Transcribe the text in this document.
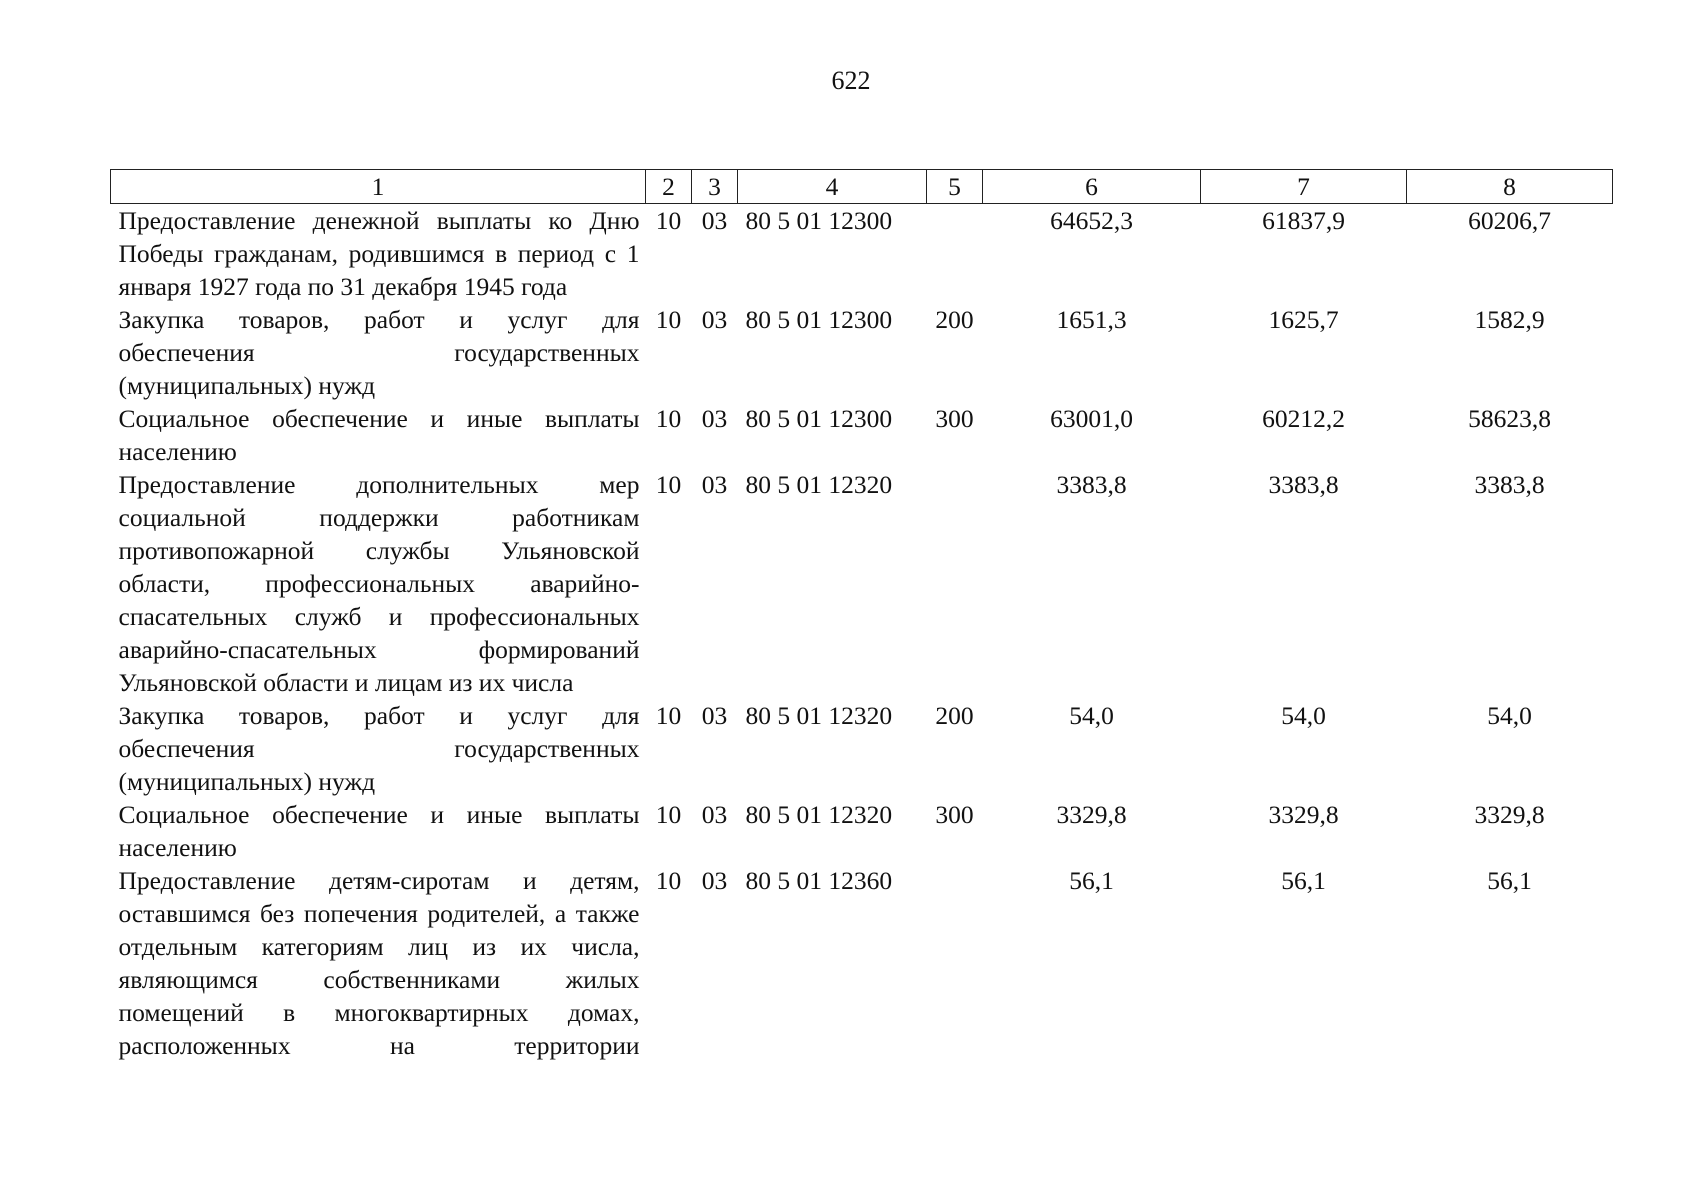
622
1	2	3	4	5	6	7	8
Предоставление денежной выплаты ко Дню Победы гражданам, родившимся в период с 1 января 1927 года по 31 декабря 1945 года	10	03	80 5 01 12300		64652,3	61837,9	60206,7
Закупка товаров, работ и услуг для обеспечения государственных (муниципальных) нужд	10	03	80 5 01 12300	200	1651,3	1625,7	1582,9
Социальное обеспечение и иные выплаты населению	10	03	80 5 01 12300	300	63001,0	60212,2	58623,8
Предоставление дополнительных мер социальной поддержки работникам противопожарной службы Ульяновской области, профессиональных аварийно-спасательных служб и профессиональных аварийно-спасательных формирований Ульяновской области и лицам из их числа	10	03	80 5 01 12320		3383,8	3383,8	3383,8
Закупка товаров, работ и услуг для обеспечения государственных (муниципальных) нужд	10	03	80 5 01 12320	200	54,0	54,0	54,0
Социальное обеспечение и иные выплаты населению	10	03	80 5 01 12320	300	3329,8	3329,8	3329,8
Предоставление детям-сиротам и детям, оставшимся без попечения родителей, а также отдельным категориям лиц из их числа, являющимся собственниками жилых помещений в многоквартирных домах, расположенных на территории	10	03	80 5 01 12360		56,1	56,1	56,1
